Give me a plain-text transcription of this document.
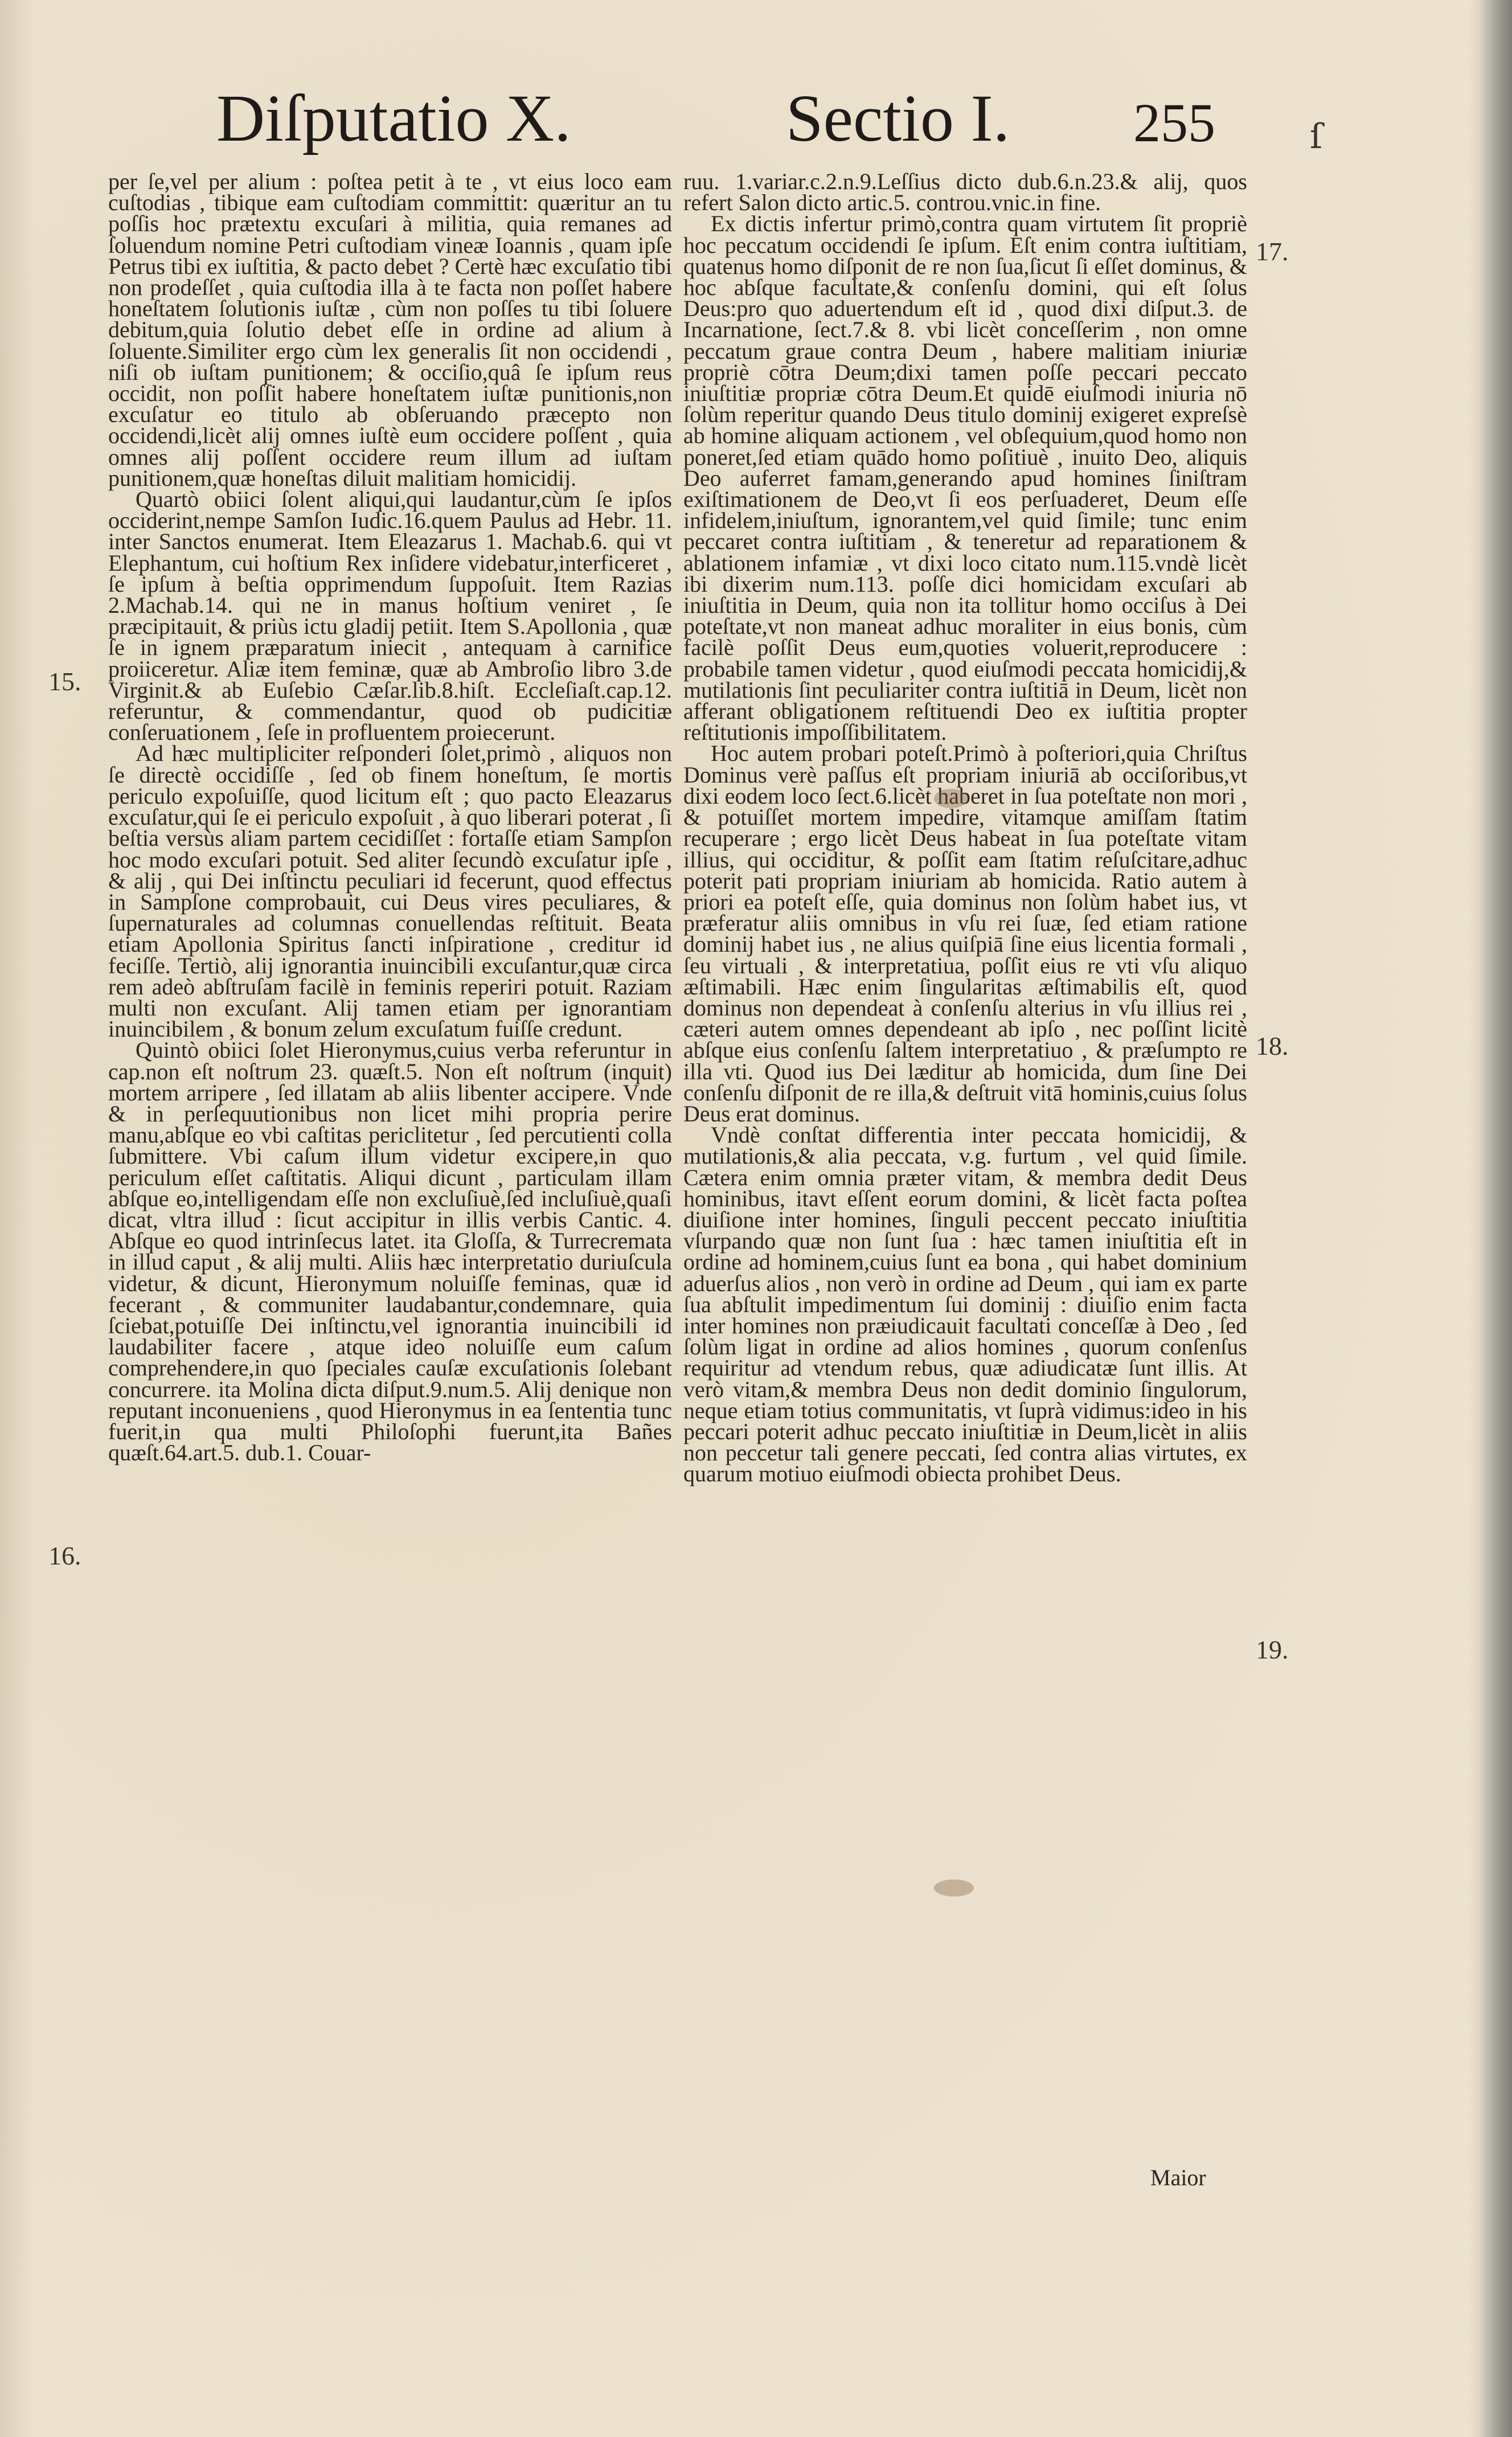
Diſputatio X.	Sectio I. 255	ſ

per ſe,vel per alium : poſtea petit à te , vt eius loco eam cuſtodias , tibique eam cuſtodiam committit: quæritur an tu poſſis hoc prætextu excuſari à militia, quia remanes ad ſoluendum nomine Petri cuſtodiam vineæ Ioannis , quam ipſe Petrus tibi ex iuſtitia, & pacto debet ? Certè hæc excuſatio tibi non prodeſſet , quia cuſtodia illa à te facta non poſſet habere honeſtatem ſolutionis iuſtæ , cùm non poſſes tu tibi ſoluere debitum,quia ſolutio debet eſſe in ordine ad alium à ſoluente.Similiter ergo cùm lex generalis ſit non occidendi , niſi ob iuſtam punitionem; & occiſio,quâ ſe ipſum reus occidit, non poſſit habere honeſtatem iuſtæ punitionis,non excuſatur eo titulo ab obſeruando præcepto non occidendi,licèt alij omnes iuſtè eum occidere poſſent , quia omnes alij poſſent occidere reum illum ad iuſtam punitionem,quæ honeſtas diluit malitiam homicidij.

Quartò obiici ſolent aliqui,qui laudantur,cùm ſe ipſos occiderint,nempe Samſon Iudic.16.quem Paulus ad Hebr. 11. inter Sanctos enumerat. Item Eleazarus 1. Machab.6. qui vt Elephantum, cui hoſtium Rex inſidere videbatur,interficeret , ſe ipſum à beſtia opprimendum ſuppoſuit. Item Razias 2.Machab.14. qui ne in manus hoſtium veniret , ſe præcipitauit, & priùs ictu gladij petiit. Item S.Apollonia , quæ ſe in ignem præparatum iniecit , antequam à carnifice proiiceretur. Aliæ item feminæ, quæ ab Ambroſio libro 3.de Virginit.& ab Euſebio Cæſar.lib.8.hiſt. Eccleſiaſt.cap.12. referuntur, & commendantur, quod ob pudicitiæ conſeruationem , ſeſe in profluentem proiecerunt.

Ad hæc multipliciter reſponderi ſolet,primò , aliquos non ſe directè occidiſſe , ſed ob finem honeſtum, ſe mortis periculo expoſuiſſe, quod licitum eſt ; quo pacto Eleazarus excuſatur,qui ſe ei periculo expoſuit , à quo liberari poterat , ſi beſtia versùs aliam partem cecidiſſet : fortaſſe etiam Sampſon hoc modo excuſari potuit. Sed aliter ſecundò excuſatur ipſe , & alij , qui Dei inſtinctu peculiari id fecerunt, quod effectus in Sampſone comprobauit, cui Deus vires peculiares, & ſupernaturales ad columnas conuellendas reſtituit. Beata etiam Apollonia Spiritus ſancti inſpiratione , creditur id feciſſe. Tertiò, alij ignorantia inuincibili excuſantur,quæ circa rem adeò abſtruſam facilè in feminis reperiri potuit. Raziam multi non excuſant. Alij tamen etiam per ignorantiam inuincibilem , & bonum zelum excuſatum fuiſſe credunt.

Quintò obiici ſolet Hieronymus,cuius verba referuntur in cap.non eſt noſtrum 23. quæſt.5. Non eſt noſtrum (inquit) mortem arripere , ſed illatam ab aliis libenter accipere. Vnde & in perſequutionibus non licet mihi propria perire manu,abſque eo vbi caſtitas periclitetur , ſed percutienti colla ſubmittere. Vbi caſum illum videtur excipere,in quo periculum eſſet caſtitatis. Aliqui dicunt , particulam illam abſque eo,intelligendam eſſe non excluſiuè,ſed incluſiuè,quaſi dicat, vltra illud : ſicut accipitur in illis verbis Cantic. 4. Abſque eo quod intrinſecus latet. ita Gloſſa, & Turrecremata in illud caput , & alij multi. Aliis hæc interpretatio duriuſcula videtur, & dicunt, Hieronymum noluiſſe feminas, quæ id fecerant , & communiter laudabantur,condemnare, quia ſciebat,potuiſſe Dei inſtinctu,vel ignorantia inuincibili id laudabiliter facere , atque ideo noluiſſe eum caſum comprehendere,in quo ſpeciales cauſæ excuſationis ſolebant concurrere. ita Molina dicta diſput.9.num.5. Alij denique non reputant inconueniens , quod Hieronymus in ea ſententia tunc fuerit,in qua multi Philoſophi fuerunt,ita Bañes quæſt.64.art.5. dub.1. Couar-

ruu. 1.variar.c.2.n.9.Leſſius dicto dub.6.n.23.& alij, quos refert Salon dicto artic.5. controu.vnic.in fine.

Ex dictis infertur primò,contra quam virtutem ſit propriè hoc peccatum occidendi ſe ipſum. Eſt enim contra iuſtitiam, quatenus homo diſponit de re non ſua,ſicut ſi eſſet dominus, & hoc abſque facultate,& conſenſu domini, qui eſt ſolus Deus:pro quo aduertendum eſt id , quod dixi diſput.3. de Incarnatione, ſect.7.& 8. vbi licèt conceſſerim , non omne peccatum graue contra Deum , habere malitiam iniuriæ propriè cōtra Deum;dixi tamen poſſe peccari peccato iniuſtitiæ propriæ cōtra Deum.Et quidē eiuſmodi iniuria nō ſolùm reperitur quando Deus titulo dominij exigeret expreſsè ab homine aliquam actionem , vel obſequium,quod homo non poneret,ſed etiam quādo homo poſitiuè , inuito Deo, aliquis Deo auferret famam,generando apud homines ſiniſtram exiſtimationem de Deo,vt ſi eos perſuaderet, Deum eſſe infidelem,iniuſtum, ignorantem,vel quid ſimile; tunc enim peccaret contra iuſtitiam , & teneretur ad reparationem & ablationem infamiæ , vt dixi loco citato num.115.vndè licèt ibi dixerim num.113. poſſe dici homicidam excuſari ab iniuſtitia in Deum, quia non ita tollitur homo occiſus à Dei poteſtate,vt non maneat adhuc moraliter in eius bonis, cùm facilè poſſit Deus eum,quoties voluerit,reproducere : probabile tamen videtur , quod eiuſmodi peccata homicidij,& mutilationis ſint peculiariter contra iuſtitiā in Deum, licèt non afferant obligationem reſtituendi Deo ex iuſtitia propter reſtitutionis impoſſibilitatem.

Hoc autem probari poteſt.Primò à poſteriori,quia Chriſtus Dominus verè paſſus eſt propriam iniuriā ab occiſoribus,vt dixi eodem loco ſect.6.licèt haberet in ſua poteſtate non mori , & potuiſſet mortem impedire, vitamque amiſſam ſtatim recuperare ; ergo licèt Deus habeat in ſua poteſtate vitam illius, qui occiditur, & poſſit eam ſtatim reſuſcitare,adhuc poterit pati propriam iniuriam ab homicida. Ratio autem à priori ea poteſt eſſe, quia dominus non ſolùm habet ius, vt præferatur aliis omnibus in vſu rei ſuæ, ſed etiam ratione dominij habet ius , ne alius quiſpiā ſine eius licentia formali , ſeu virtuali , & interpretatiua, poſſit eius re vti vſu aliquo æſtimabili. Hæc enim ſingularitas æſtimabilis eſt, quod dominus non dependeat à conſenſu alterius in vſu illius rei , cæteri autem omnes dependeant ab ipſo , nec poſſint licitè abſque eius conſenſu ſaltem interpretatiuo , & præſumpto re illa vti. Quod ius Dei læditur ab homicida, dum ſine Dei conſenſu diſponit de re illa,& deſtruit vitā hominis,cuius ſolus Deus erat dominus.

Vndè conſtat differentia inter peccata homicidij, & mutilationis,& alia peccata, v.g. furtum , vel quid ſimile. Cætera enim omnia præter vitam, & membra dedit Deus hominibus, itavt eſſent eorum domini, & licèt facta poſtea diuiſione inter homines, ſinguli peccent peccato iniuſtitia vſurpando quæ non ſunt ſua : hæc tamen iniuſtitia eſt in ordine ad hominem,cuius ſunt ea bona , qui habet dominium aduerſus alios , non verò in ordine ad Deum , qui iam ex parte ſua abſtulit impedimentum ſui dominij : diuiſio enim facta inter homines non præiudicauit facultati conceſſæ à Deo , ſed ſolùm ligat in ordine ad alios homines , quorum conſenſus requiritur ad vtendum rebus, quæ adiudicatæ ſunt illis. At verò vitam,& membra Deus non dedit dominio ſingulorum, neque etiam totius communitatis, vt ſuprà vidimus:ideo in his peccari poterit adhuc peccato iniuſtitiæ in Deum,licèt in aliis non peccetur tali genere peccati, ſed contra alias virtutes, ex quarum motiuo eiuſmodi obiecta prohibet Deus.

15.
16.
17.
18.
19.
Maior
